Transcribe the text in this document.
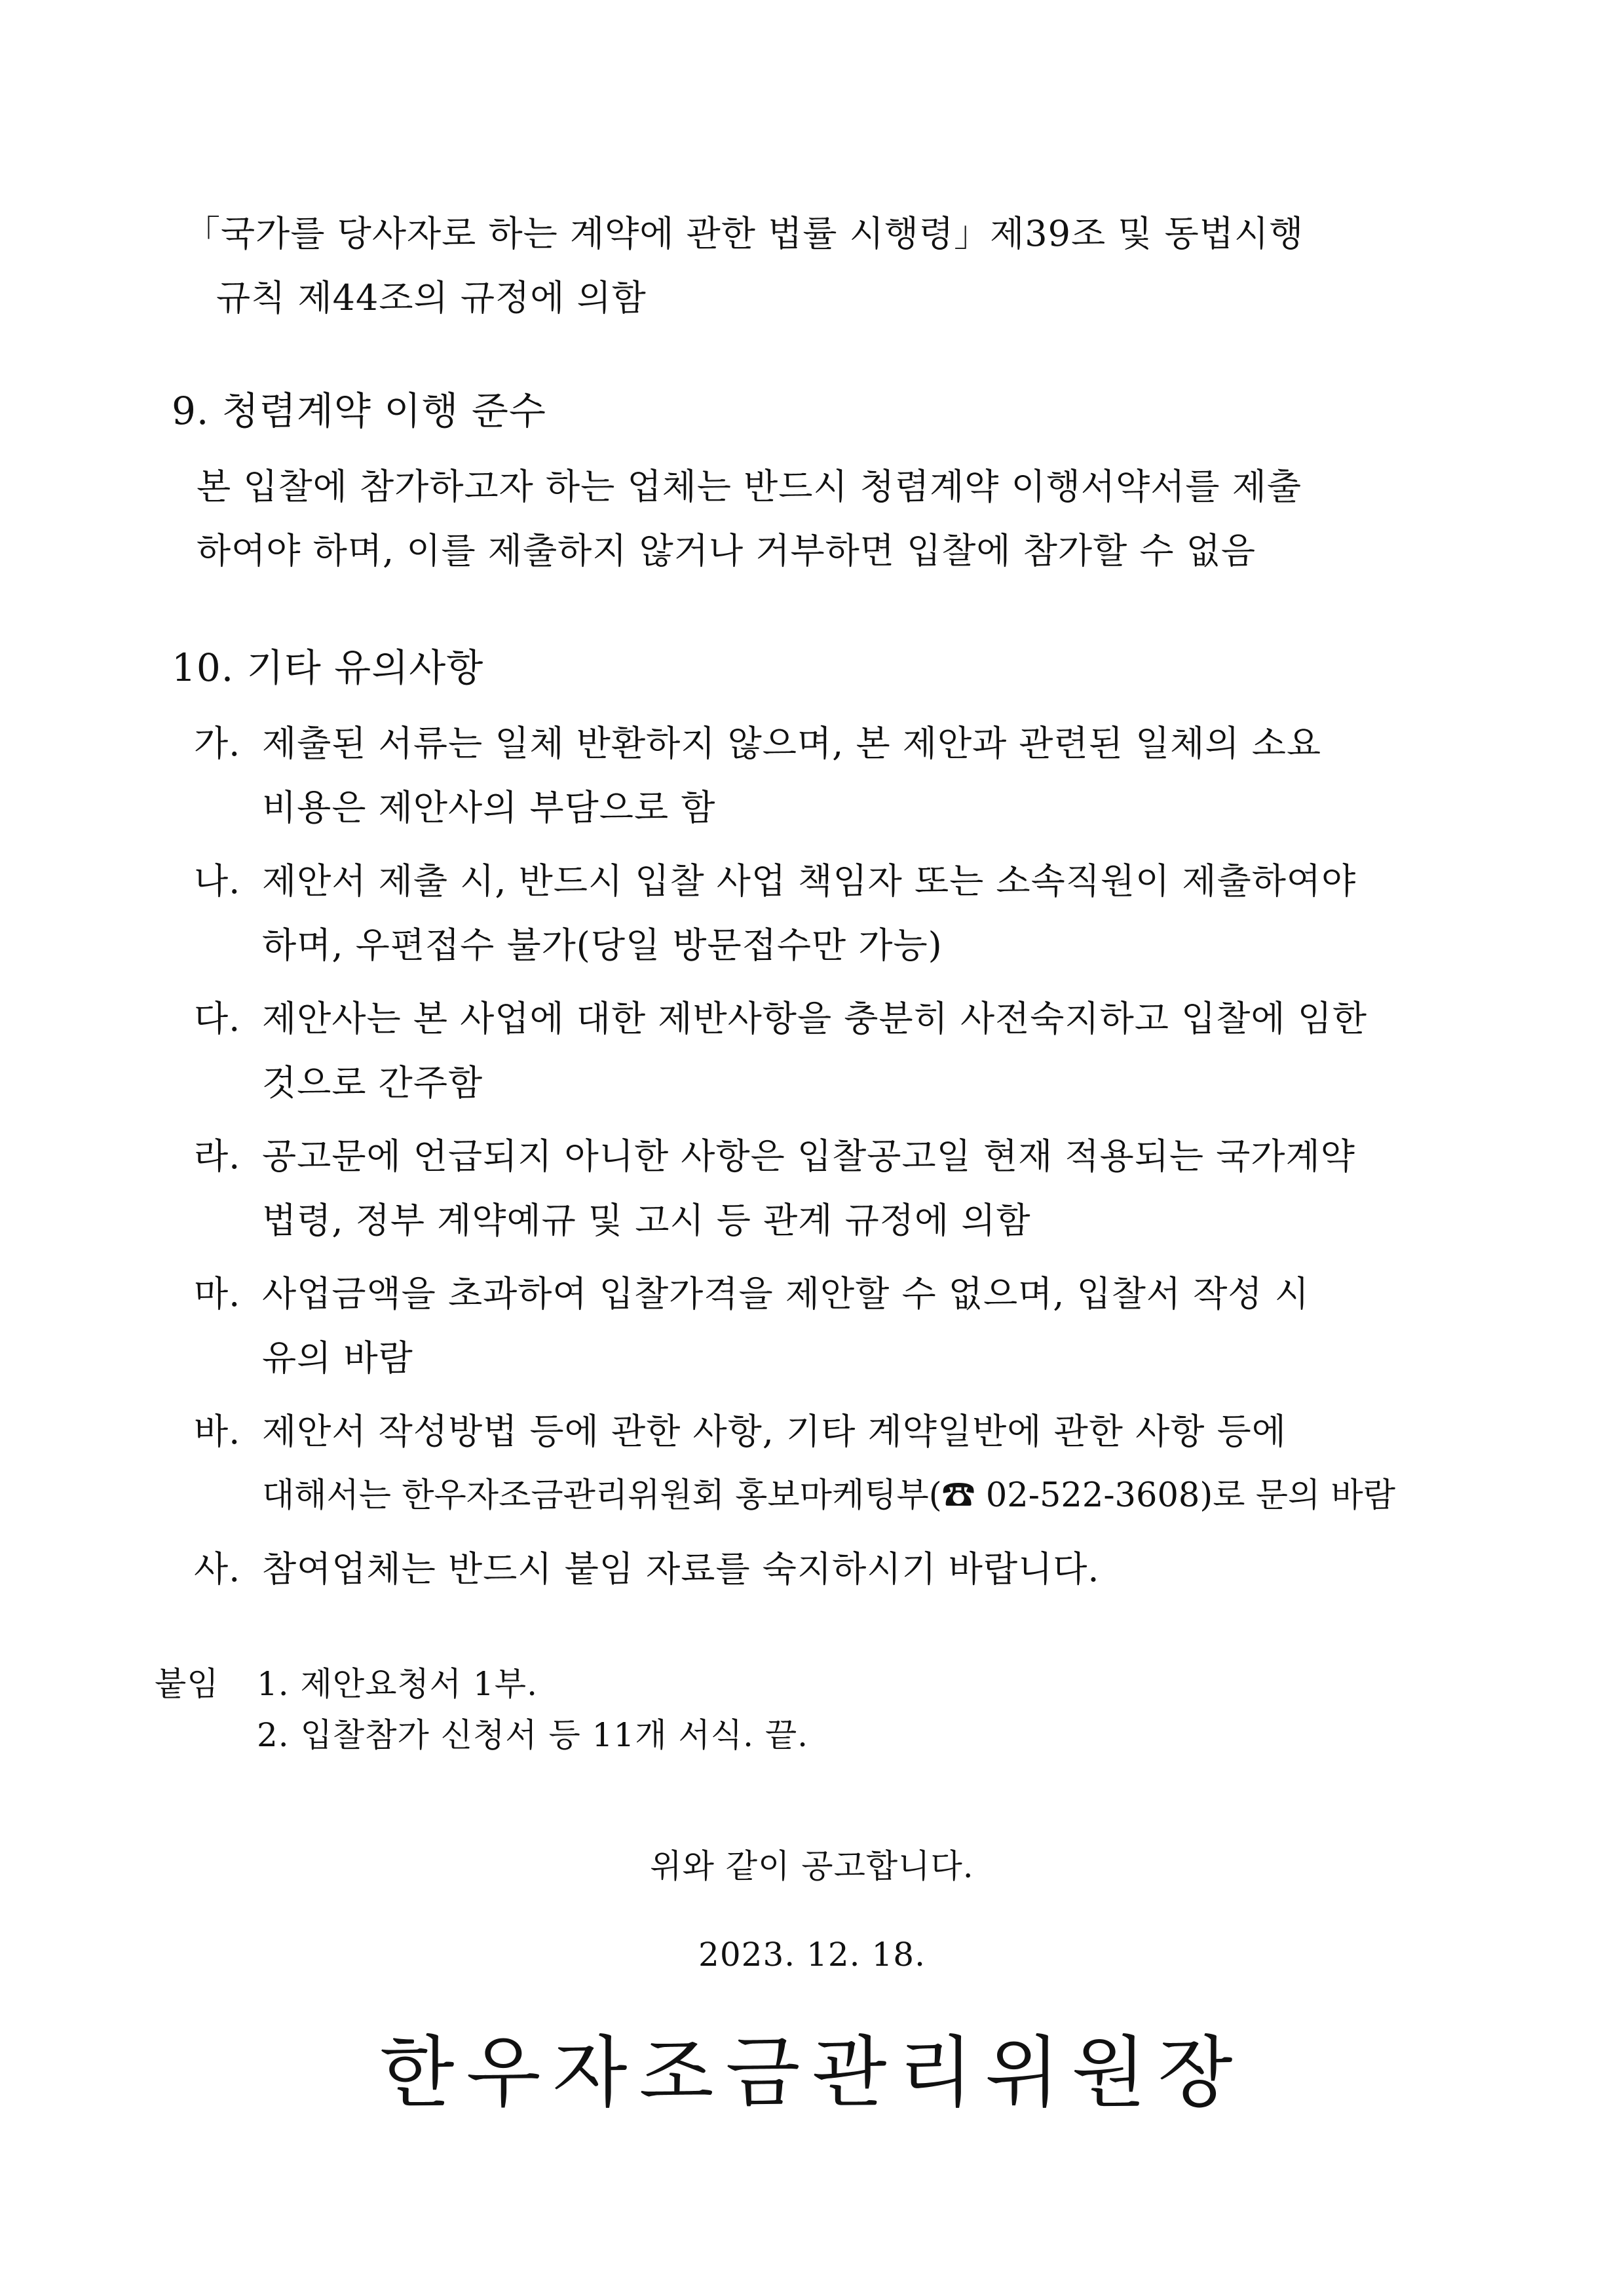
「국가를 당사자로 하는 계약에 관한 법률 시행령」제39조 및 동법시행
규칙 제44조의 규정에 의함
9. 청렴계약 이행 준수
본 입찰에 참가하고자 하는 업체는 반드시 청렴계약 이행서약서를 제출
하여야 하며, 이를 제출하지 않거나 거부하면 입찰에 참가할 수 없음
10. 기타 유의사항
가. 제출된 서류는 일체 반환하지 않으며, 본 제안과 관련된 일체의 소요
비용은 제안사의 부담으로 함
나. 제안서 제출 시, 반드시 입찰 사업 책임자 또는 소속직원이 제출하여야
하며, 우편접수 불가(당일 방문접수만 가능)
다. 제안사는 본 사업에 대한 제반사항을 충분히 사전숙지하고 입찰에 임한
것으로 간주함
라. 공고문에 언급되지 아니한 사항은 입찰공고일 현재 적용되는 국가계약
법령, 정부 계약예규 및 고시 등 관계 규정에 의함
마. 사업금액을 초과하여 입찰가격을 제안할 수 없으며, 입찰서 작성 시
유의 바람
바. 제안서 작성방법 등에 관한 사항, 기타 계약일반에 관한 사항 등에
대해서는 한우자조금관리위원회 홍보마케팅부(☎ 02-522-3608)로 문의 바람
사. 참여업체는 반드시 붙임 자료를 숙지하시기 바랍니다.
붙임 1. 제안요청서 1부.
2. 입찰참가 신청서 등 11개 서식. 끝.
위와 같이 공고합니다.
2023. 12. 18.
한우자조금관리위원장
